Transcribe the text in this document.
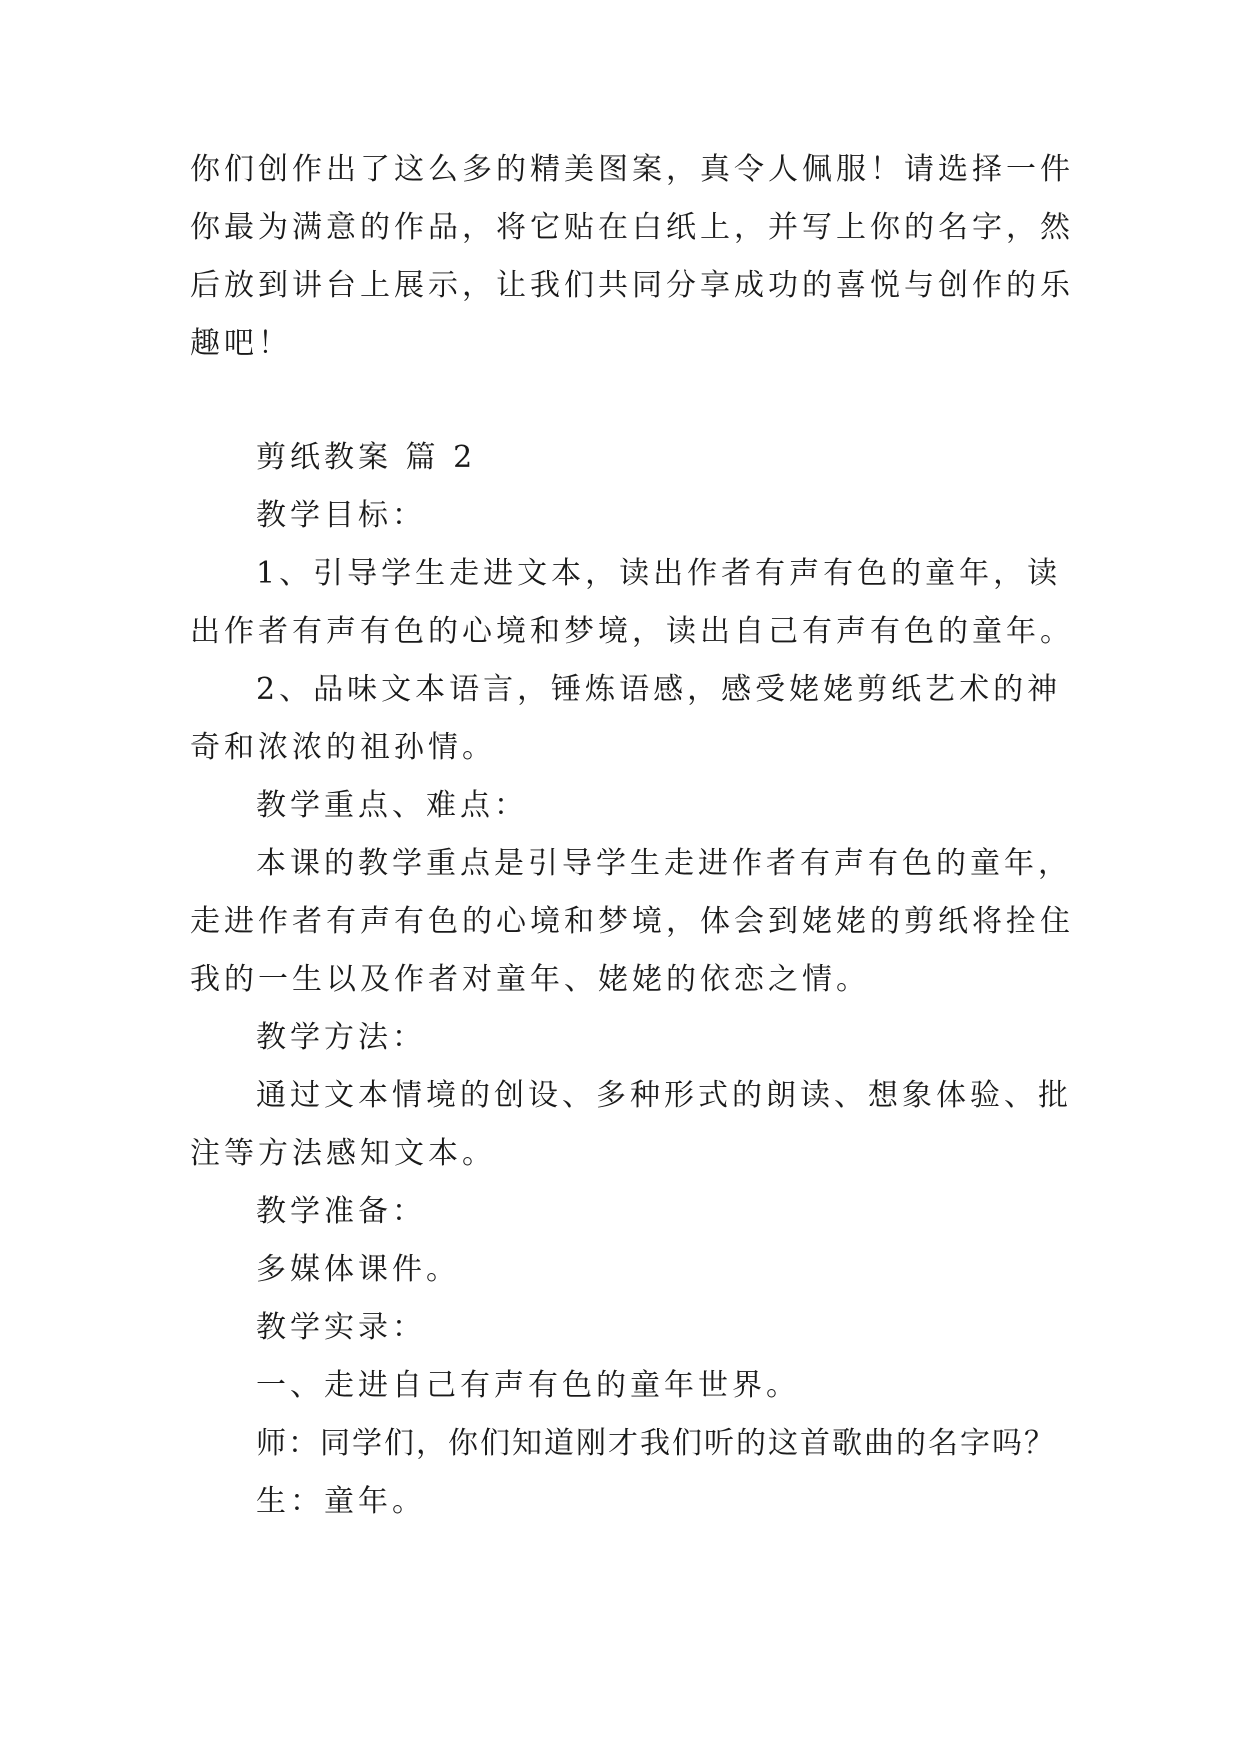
你们创作出了这么多的精美图案，真令人佩服！请选择一件
你最为满意的作品，将它贴在白纸上，并写上你的名字，然
后放到讲台上展示，让我们共同分享成功的喜悦与创作的乐
趣吧！
剪纸教案 篇 2
教学目标：
1、引导学生走进文本，读出作者有声有色的童年，读
出作者有声有色的心境和梦境，读出自己有声有色的童年。
2、品味文本语言，锤炼语感，感受姥姥剪纸艺术的神
奇和浓浓的祖孙情。
教学重点、难点：
本课的教学重点是引导学生走进作者有声有色的童年，
走进作者有声有色的心境和梦境，体会到姥姥的剪纸将拴住
我的一生以及作者对童年、姥姥的依恋之情。
教学方法：
通过文本情境的创设、多种形式的朗读、想象体验、批
注等方法感知文本。
教学准备：
多媒体课件。
教学实录：
一、走进自己有声有色的童年世界。
师：同学们，你们知道刚才我们听的这首歌曲的名字吗？
生：童年。
